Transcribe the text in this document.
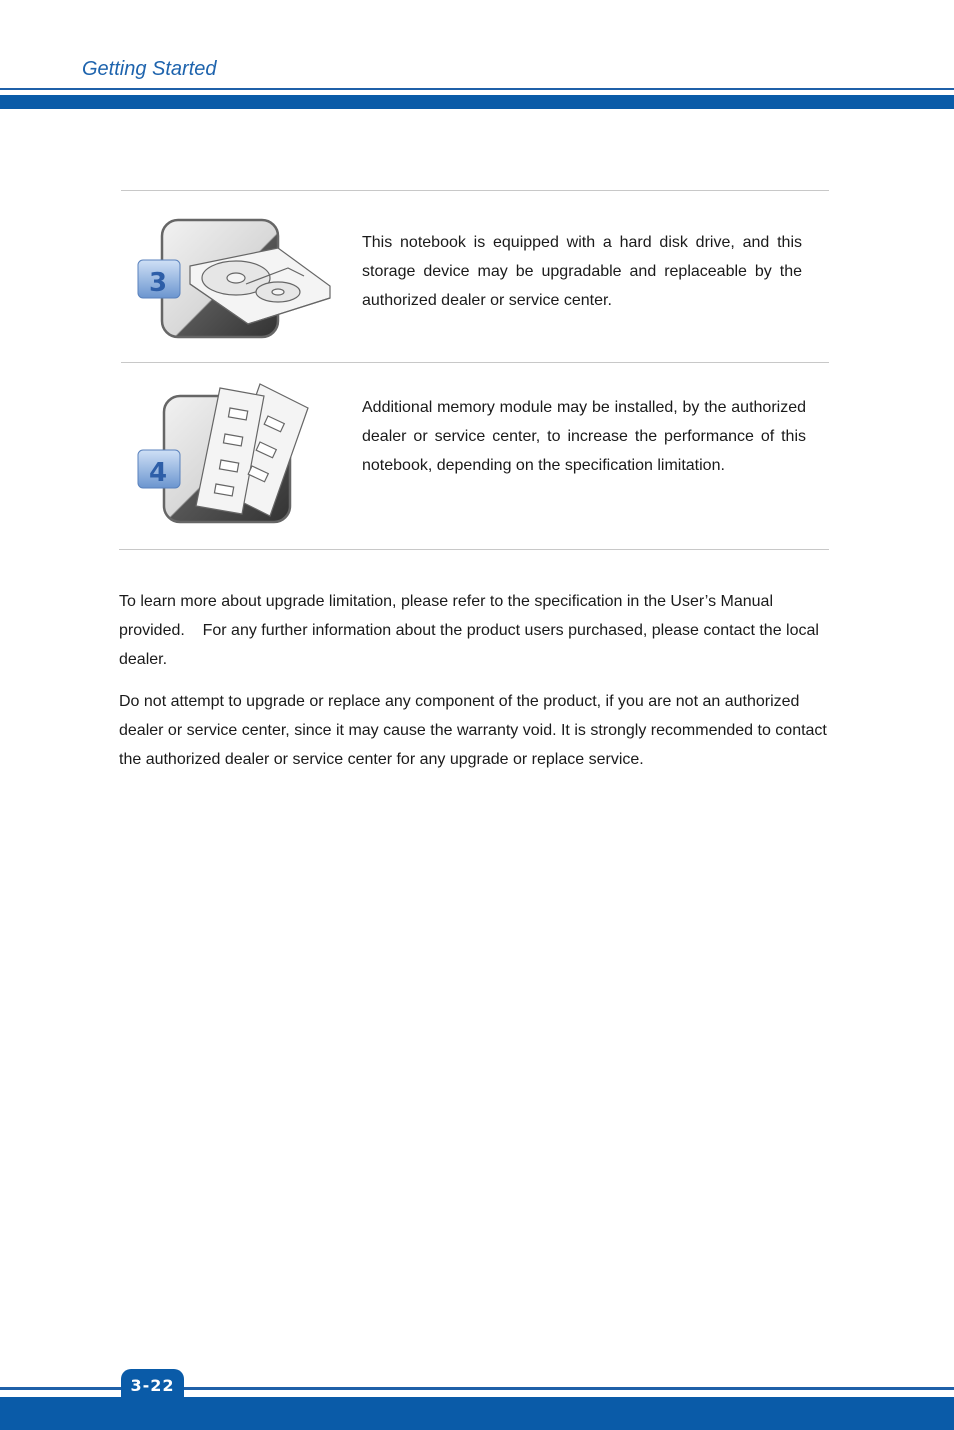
Getting Started
3
This notebook is equipped with a hard disk drive, and this storage device may be upgradable and replaceable by the authorized dealer or service center.
4
Additional memory module may be installed, by the authorized dealer or service center, to increase the performance of this notebook, depending on the specification limitation.
To learn more about upgrade limitation, please refer to the specification in the User’s Manual provided.    For any further information about the product users purchased, please contact the local dealer.
Do not attempt to upgrade or replace any component of the product, if you are not an authorized dealer or service center, since it may cause the warranty void. It is strongly recommended to contact the authorized dealer or service center for any upgrade or replace service.
3-22
